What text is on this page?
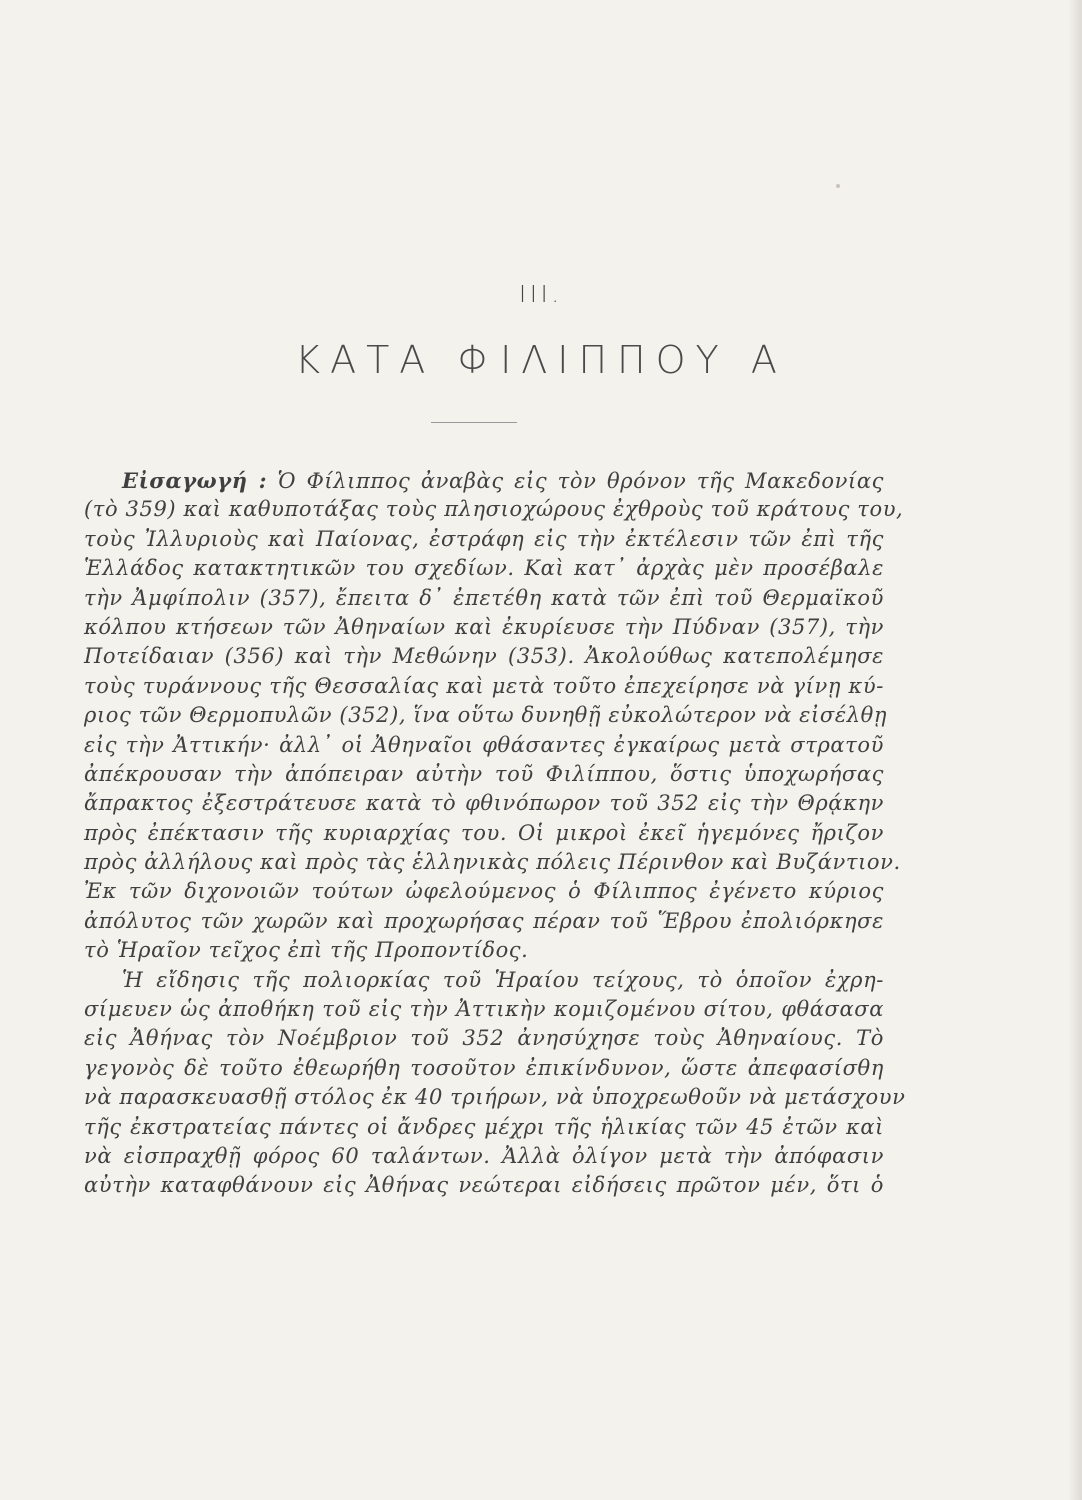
III.
ΚΑΤΑ ΦΙΛΙΠΠΟΥ Α
Εἰσαγωγή : Ὁ Φίλιππος ἀναβὰς εἰς τὸν θρόνον τῆς Μακεδονίας
(τὸ 359) καὶ καθυποτάξας τοὺς πλησιοχώρους ἐχθροὺς τοῦ κράτους του,
τοὺς Ἰλλυριοὺς καὶ Παίονας, ἐστράφη εἰς τὴν ἐκτέλεσιν τῶν ἐπὶ τῆς
Ἑλλάδος κατακτητικῶν του σχεδίων. Καὶ κατ᾿ ἀρχὰς μὲν προσέβαλε
τὴν Ἀμφίπολιν (357), ἔπειτα δ᾿ ἐπετέθη κατὰ τῶν ἐπὶ τοῦ Θερμαϊκοῦ
κόλπου κτήσεων τῶν Ἀθηναίων καὶ ἐκυρίευσε τὴν Πύδναν (357), τὴν
Ποτείδαιαν (356) καὶ τὴν Μεθώνην (353). Ἀκολούθως κατεπολέμησε
τοὺς τυράννους τῆς Θεσσαλίας καὶ μετὰ τοῦτο ἐπεχείρησε νὰ γίνῃ κύ-
ριος τῶν Θερμοπυλῶν (352), ἵνα οὕτω δυνηθῇ εὐκολώτερον νὰ εἰσέλθῃ
εἰς τὴν Ἀττικήν· ἀλλ᾿ οἱ Ἀθηναῖοι φθάσαντες ἐγκαίρως μετὰ στρατοῦ
ἀπέκρουσαν τὴν ἀπόπειραν αὐτὴν τοῦ Φιλίππου, ὅστις ὑποχωρήσας
ἄπρακτος ἐξεστράτευσε κατὰ τὸ φθινόπωρον τοῦ 352 εἰς τὴν Θρᾴκην
πρὸς ἐπέκτασιν τῆς κυριαρχίας του. Οἱ μικροὶ ἐκεῖ ἡγεμόνες ἤριζον
πρὸς ἀλλήλους καὶ πρὸς τὰς ἑλληνικὰς πόλεις Πέρινθον καὶ Βυζάντιον.
Ἐκ τῶν διχονοιῶν τούτων ὠφελούμενος ὁ Φίλιππος ἐγένετο κύριος
ἀπόλυτος τῶν χωρῶν καὶ προχωρήσας πέραν τοῦ Ἕβρου ἐπολιόρκησε
τὸ Ἡραῖον τεῖχος ἐπὶ τῆς Προποντίδος.
Ἡ εἴδησις τῆς πολιορκίας τοῦ Ἡραίου τείχους, τὸ ὁποῖον ἐχρη-
σίμευεν ὡς ἀποθήκη τοῦ εἰς τὴν Ἀττικὴν κομιζομένου σίτου, φθάσασα
εἰς Ἀθήνας τὸν Νοέμβριον τοῦ 352 ἀνησύχησε τοὺς Ἀθηναίους. Τὸ
γεγονὸς δὲ τοῦτο ἐθεωρήθη τοσοῦτον ἐπικίνδυνον, ὥστε ἀπεφασίσθη
νὰ παρασκευασθῇ στόλος ἐκ 40 τριήρων, νὰ ὑποχρεωθοῦν νὰ μετάσχουν
τῆς ἐκστρατείας πάντες οἱ ἄνδρες μέχρι τῆς ἡλικίας τῶν 45 ἐτῶν καὶ
νὰ εἰσπραχθῇ φόρος 60 ταλάντων. Ἀλλὰ ὀλίγον μετὰ τὴν ἀπόφασιν
αὐτὴν καταφθάνουν εἰς Ἀθήνας νεώτεραι εἰδήσεις πρῶτον μέν, ὅτι ὁ
